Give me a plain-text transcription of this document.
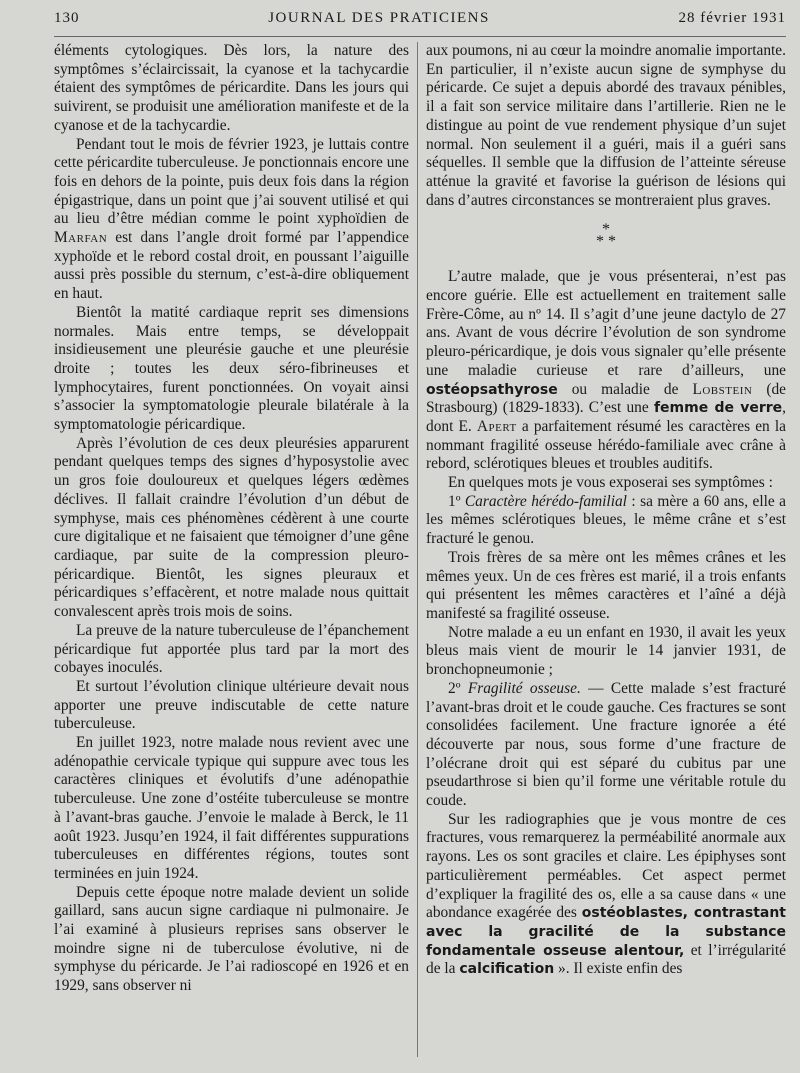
130	JOURNAL DES PRATICIENS	28 février 1931

éléments cytologiques. Dès lors, la nature des symptômes s’éclaircissait, la cyanose et la tachycardie étaient des symptômes de péricardite. Dans les jours qui suivirent, se produisit une amélioration manifeste et de la cyanose et de la tachycardie.

Pendant tout le mois de février 1923, je luttais contre cette péricardite tuberculeuse. Je ponctionnais encore une fois en dehors de la pointe, puis deux fois dans la région épigastrique, dans un point que j’ai souvent utilisé et qui au lieu d’être médian comme le point xyphoïdien de Marfan est dans l’angle droit formé par l’appendice xyphoïde et le rebord costal droit, en poussant l’aiguille aussi près possible du sternum, c’est-à-dire obliquement en haut.

Bientôt la matité cardiaque reprit ses dimensions normales. Mais entre temps, se développait insidieusement une pleurésie gauche et une pleurésie droite ; toutes les deux séro-fibrineuses et lymphocytaires, furent ponctionnées. On voyait ainsi s’associer la symptomatologie pleurale bilatérale à la symptomatologie péricardique.

Après l’évolution de ces deux pleurésies apparurent pendant quelques temps des signes d’hyposystolie avec un gros foie douloureux et quelques légers œdèmes déclives. Il fallait craindre l’évolution d’un début de symphyse, mais ces phénomènes cédèrent à une courte cure digitalique et ne faisaient que témoigner d’une gêne cardiaque, par suite de la compression pleuro-péricardique. Bientôt, les signes pleuraux et péricardiques s’effacèrent, et notre malade nous quittait convalescent après trois mois de soins.

La preuve de la nature tuberculeuse de l’épanchement péricardique fut apportée plus tard par la mort des cobayes inoculés.

Et surtout l’évolution clinique ultérieure devait nous apporter une preuve indiscutable de cette nature tuberculeuse.

En juillet 1923, notre malade nous revient avec une adénopathie cervicale typique qui suppure avec tous les caractères cliniques et évolutifs d’une adénopathie tuberculeuse. Une zone d’ostéite tuberculeuse se montre à l’avant-bras gauche. J’envoie le malade à Berck, le 11 août 1923. Jusqu’en 1924, il fait différentes suppurations tuberculeuses en différentes régions, toutes sont terminées en juin 1924.

Depuis cette époque notre malade devient un solide gaillard, sans aucun signe cardiaque ni pulmonaire. Je l’ai examiné à plusieurs reprises sans observer le moindre signe ni de tuberculose évolutive, ni de symphyse du péricarde. Je l’ai radioscopé en 1926 et en 1929, sans observer ni

aux poumons, ni au cœur la moindre anomalie importante. En particulier, il n’existe aucun signe de symphyse du péricarde. Ce sujet a depuis abordé des travaux pénibles, il a fait son service militaire dans l’artillerie. Rien ne le distingue au point de vue rendement physique d’un sujet normal. Non seulement il a guéri, mais il a guéri sans séquelles. Il semble que la diffusion de l’atteinte séreuse atténue la gravité et favorise la guérison de lésions qui dans d’autres circonstances se montreraient plus graves.

*
* *

L’autre malade, que je vous présenterai, n’est pas encore guérie. Elle est actuellement en traitement salle Frère-Côme, au nº 14. Il s’agit d’une jeune dactylo de 27 ans. Avant de vous décrire l’évolution de son syndrome pleuro-péricardique, je dois vous signaler qu’elle présente une maladie curieuse et rare d’ailleurs, une ostéopsathyrose ou maladie de Lobstein (de Strasbourg) (1829-1833). C’est une femme de verre, dont E. Apert a parfaitement résumé les caractères en la nommant fragilité osseuse hérédo-familiale avec crâne à rebord, sclérotiques bleues et troubles auditifs.

En quelques mots je vous exposerai ses symptômes :

1º Caractère hérédo-familial : sa mère a 60 ans, elle a les mêmes sclérotiques bleues, le même crâne et s’est fracturé le genou.

Trois frères de sa mère ont les mêmes crânes et les mêmes yeux. Un de ces frères est marié, il a trois enfants qui présentent les mêmes caractères et l’aîné a déjà manifesté sa fragilité osseuse.

Notre malade a eu un enfant en 1930, il avait les yeux bleus mais vient de mourir le 14 janvier 1931, de bronchopneumonie ;

2º Fragilité osseuse. — Cette malade s’est fracturé l’avant-bras droit et le coude gauche. Ces fractures se sont consolidées facilement. Une fracture ignorée a été découverte par nous, sous forme d’une fracture de l’olécrane droit qui est séparé du cubitus par une pseudarthrose si bien qu’il forme une véritable rotule du coude.

Sur les radiographies que je vous montre de ces fractures, vous remarquerez la perméabilité anormale aux rayons. Les os sont graciles et claire. Les épiphyses sont particulièrement perméables. Cet aspect permet d’expliquer la fragilité des os, elle a sa cause dans « une abondance exagérée des ostéoblastes, contrastant avec la gracilité de la substance fondamentale osseuse alentour, et l’irrégularité de la calcification ». Il existe enfin des
